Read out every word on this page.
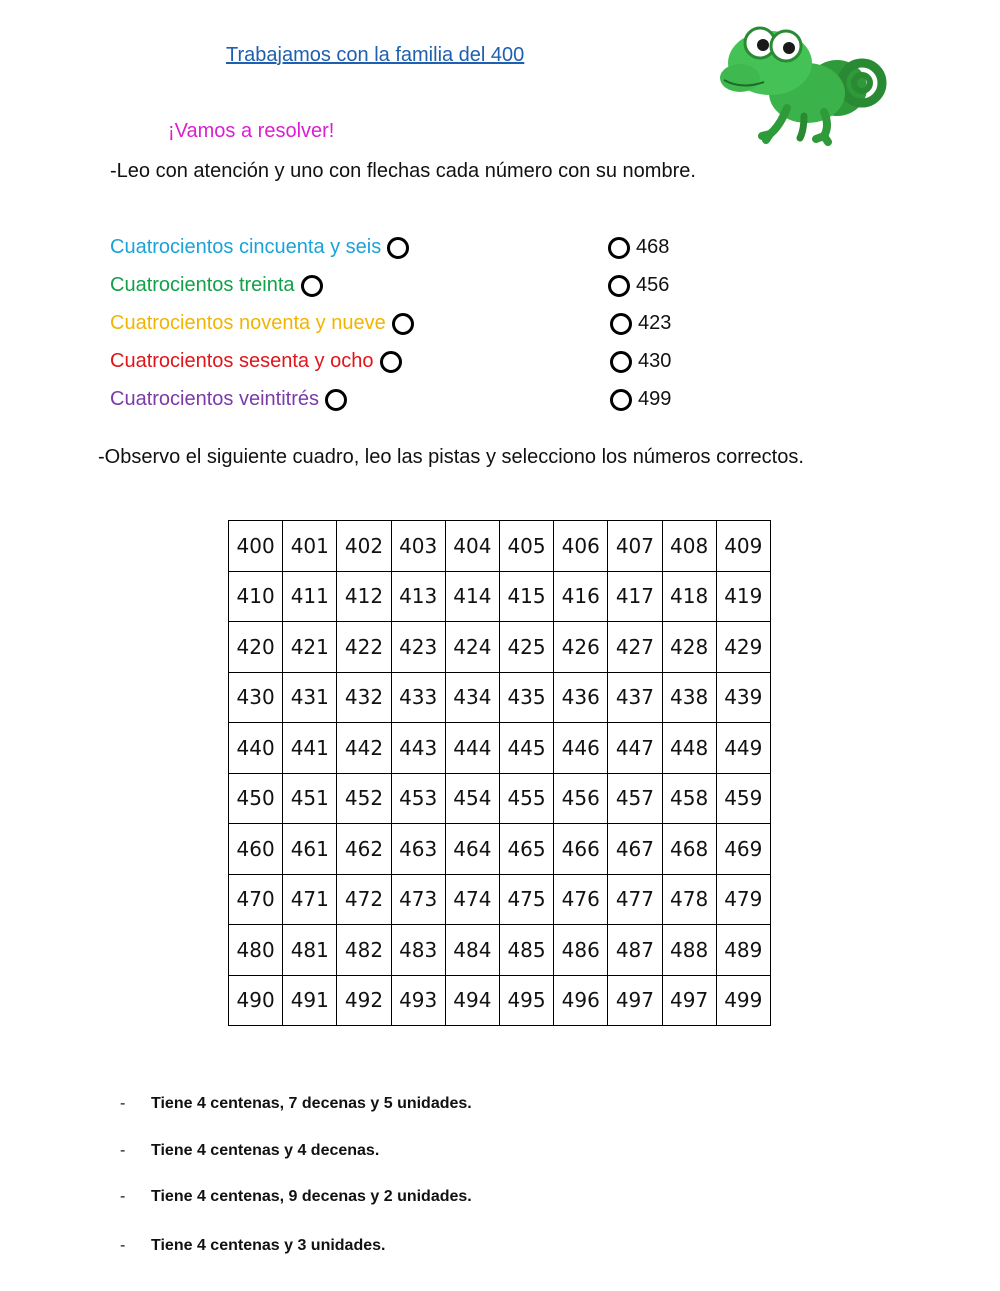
Trabajamos con la familia del 400
¡Vamos a resolver!
-Leo con atención y uno con flechas cada número con su nombre.
Cuatrocientos cincuenta y seis
Cuatrocientos treinta
Cuatrocientos noventa y nueve
Cuatrocientos sesenta y ocho
Cuatrocientos veintitrés
468
456
423
430
499
-Observo el siguiente cuadro, leo las pistas y selecciono los números correctos.
400	401	402	403	404	405	406	407	408	409
410	411	412	413	414	415	416	417	418	419
420	421	422	423	424	425	426	427	428	429
430	431	432	433	434	435	436	437	438	439
440	441	442	443	444	445	446	447	448	449
450	451	452	453	454	455	456	457	458	459
460	461	462	463	464	465	466	467	468	469
470	471	472	473	474	475	476	477	478	479
480	481	482	483	484	485	486	487	488	489
490	491	492	493	494	495	496	497	497	499
-	Tiene 4 centenas, 7 decenas y 5 unidades.
-	Tiene 4 centenas y 4 decenas.
-	Tiene 4 centenas, 9 decenas y 2 unidades.
-	Tiene 4 centenas y 3 unidades.
